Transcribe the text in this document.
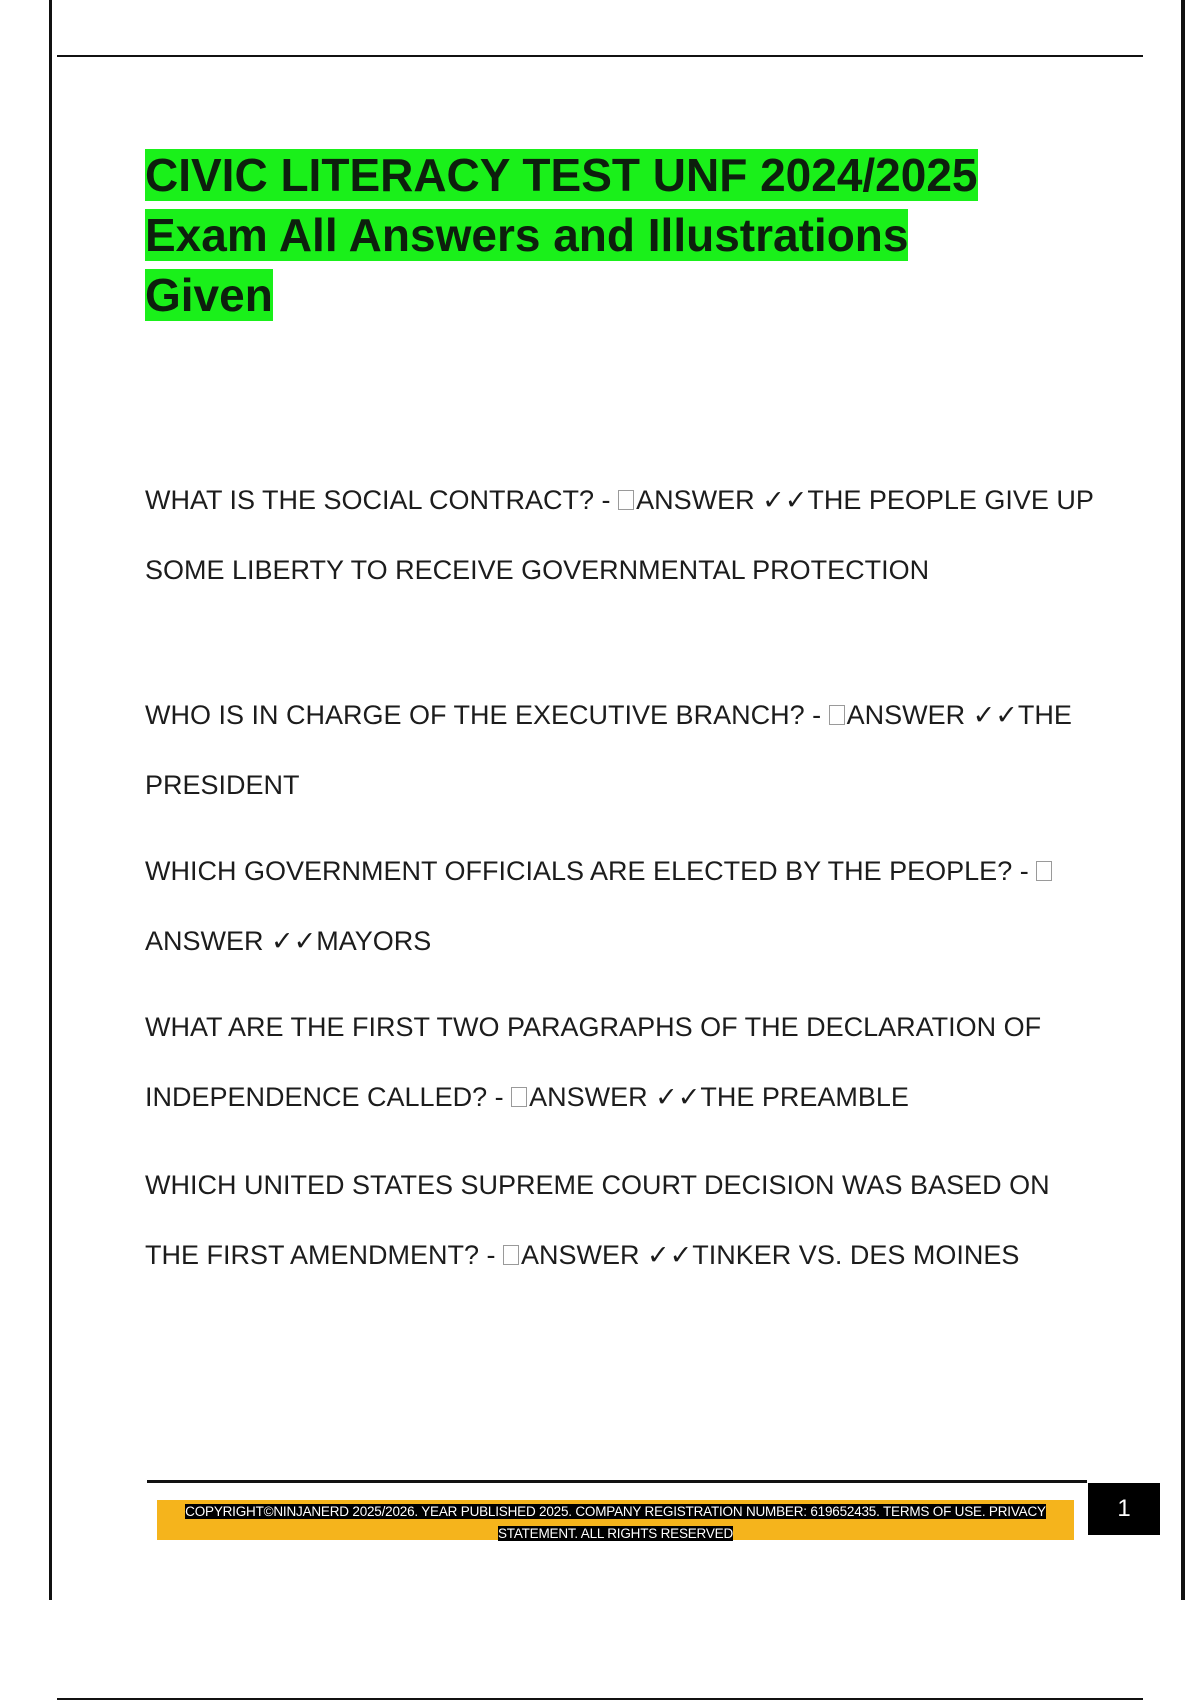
CIVIC LITERACY TEST UNF 2024/2025 Exam All Answers and Illustrations Given

WHAT IS THE SOCIAL CONTRACT? - ANSWER ✓✓THE PEOPLE GIVE UP SOME LIBERTY TO RECEIVE GOVERNMENTAL PROTECTION

WHO IS IN CHARGE OF THE EXECUTIVE BRANCH? - ANSWER ✓✓THE PRESIDENT

WHICH GOVERNMENT OFFICIALS ARE ELECTED BY THE PEOPLE? - ANSWER ✓✓MAYORS

WHAT ARE THE FIRST TWO PARAGRAPHS OF THE DECLARATION OF INDEPENDENCE CALLED? - ANSWER ✓✓THE PREAMBLE

WHICH UNITED STATES SUPREME COURT DECISION WAS BASED ON THE FIRST AMENDMENT? - ANSWER ✓✓TINKER VS. DES MOINES

COPYRIGHT©NINJANERD 2025/2026. YEAR PUBLISHED 2025. COMPANY REGISTRATION NUMBER: 619652435. TERMS OF USE. PRIVACY STATEMENT. ALL RIGHTS RESERVED
1
